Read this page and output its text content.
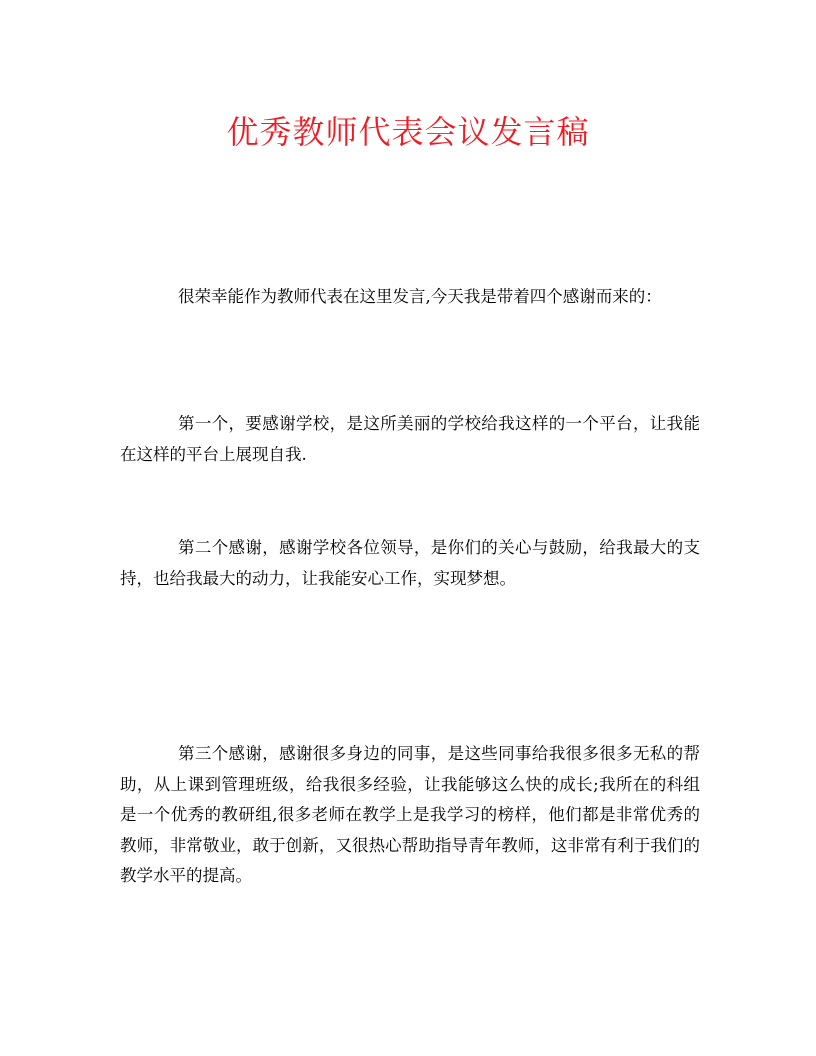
优秀教师代表会议发言稿

很荣幸能作为教师代表在这里发言,今天我是带着四个感谢而来的：

第一个，要感谢学校，是这所美丽的学校给我这样的一个平台，让我能在这样的平台上展现自我.

第二个感谢，感谢学校各位领导，是你们的关心与鼓励，给我最大的支持，也给我最大的动力，让我能安心工作，实现梦想。

第三个感谢，感谢很多身边的同事，是这些同事给我很多很多无私的帮助，从上课到管理班级，给我很多经验，让我能够这么快的成长;我所在的科组是一个优秀的教研组,很多老师在教学上是我学习的榜样，他们都是非常优秀的教师，非常敬业，敢于创新，又很热心帮助指导青年教师，这非常有利于我们的教学水平的提高。
